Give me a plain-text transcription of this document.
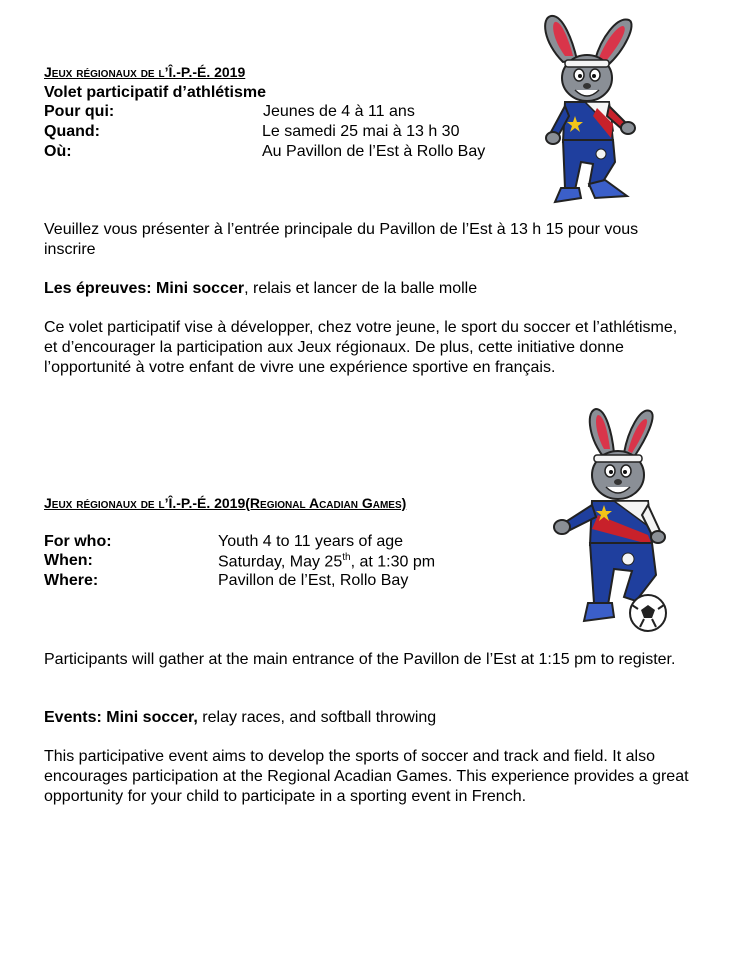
Jeux régionaux de l’Î.-P.-É. 2019
Volet participatif d’athlétisme
Pour qui:	Jeunes de 4 à 11 ans
Quand:	Le samedi 25 mai à 13 h 30
Où:	Au Pavillon de l’Est à Rollo Bay
Veuillez vous présenter à l’entrée principale du Pavillon de l’Est à 13 h 15 pour vous inscrire
Les épreuves: Mini soccer, relais et lancer de la balle molle
Ce volet participatif vise à développer, chez votre jeune, le sport du soccer et l’athlétisme, et d’encourager la participation aux Jeux régionaux. De plus, cette initiative donne l’opportunité à votre enfant de vivre une expérience sportive en français.
Jeux régionaux de l’Î.-P.-É. 2019(Regional Acadian Games)
For who:	Youth 4 to 11 years of age
When:	Saturday, May 25th, at 1:30 pm
Where:	Pavillon de l’Est, Rollo Bay
Participants will gather at the main entrance of the Pavillon de l’Est at 1:15 pm to register.
Events: Mini soccer, relay races, and softball throwing
This participative event aims to develop the sports of soccer and track and field. It also encourages participation at the Regional Acadian Games. This experience provides a great opportunity for your child to participate in a sporting event in French.
